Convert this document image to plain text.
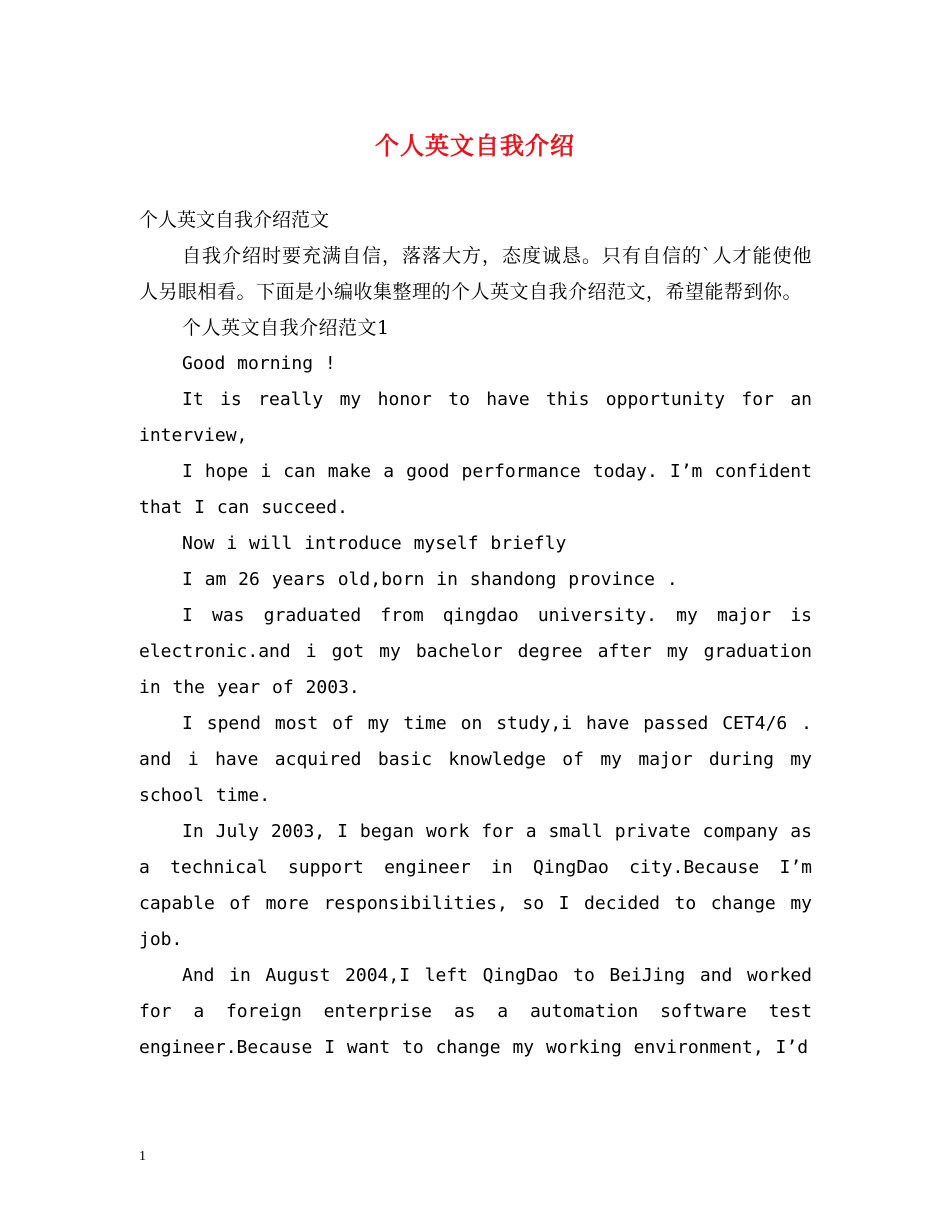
个人英文自我介绍

个人英文自我介绍范文

自我介绍时要充满自信，落落大方，态度诚恳。只有自信的`人才能使他人另眼相看。下面是小编收集整理的个人英文自我介绍范文，希望能帮到你。

个人英文自我介绍范文1

Good morning !

It is really my honor to have this opportunity for an interview,

I hope i can make a good performance today. I’m confident that I can succeed.

Now i will introduce myself briefly

I am 26 years old,born in shandong province .

I was graduated from qingdao university. my major is electronic.and i got my bachelor degree after my graduation in the year of 2003.

I spend most of my time on study,i have passed CET4/6 . and i have acquired basic knowledge of my major during my school time.

In July 2003, I began work for a small private company as a technical support engineer in QingDao city.Because I’m capable of more responsibilities, so I decided to change my job.

And in August 2004,I left QingDao to BeiJing and worked for a foreign enterprise as a automation software test engineer.Because I want to change my working environment, I’d

1
